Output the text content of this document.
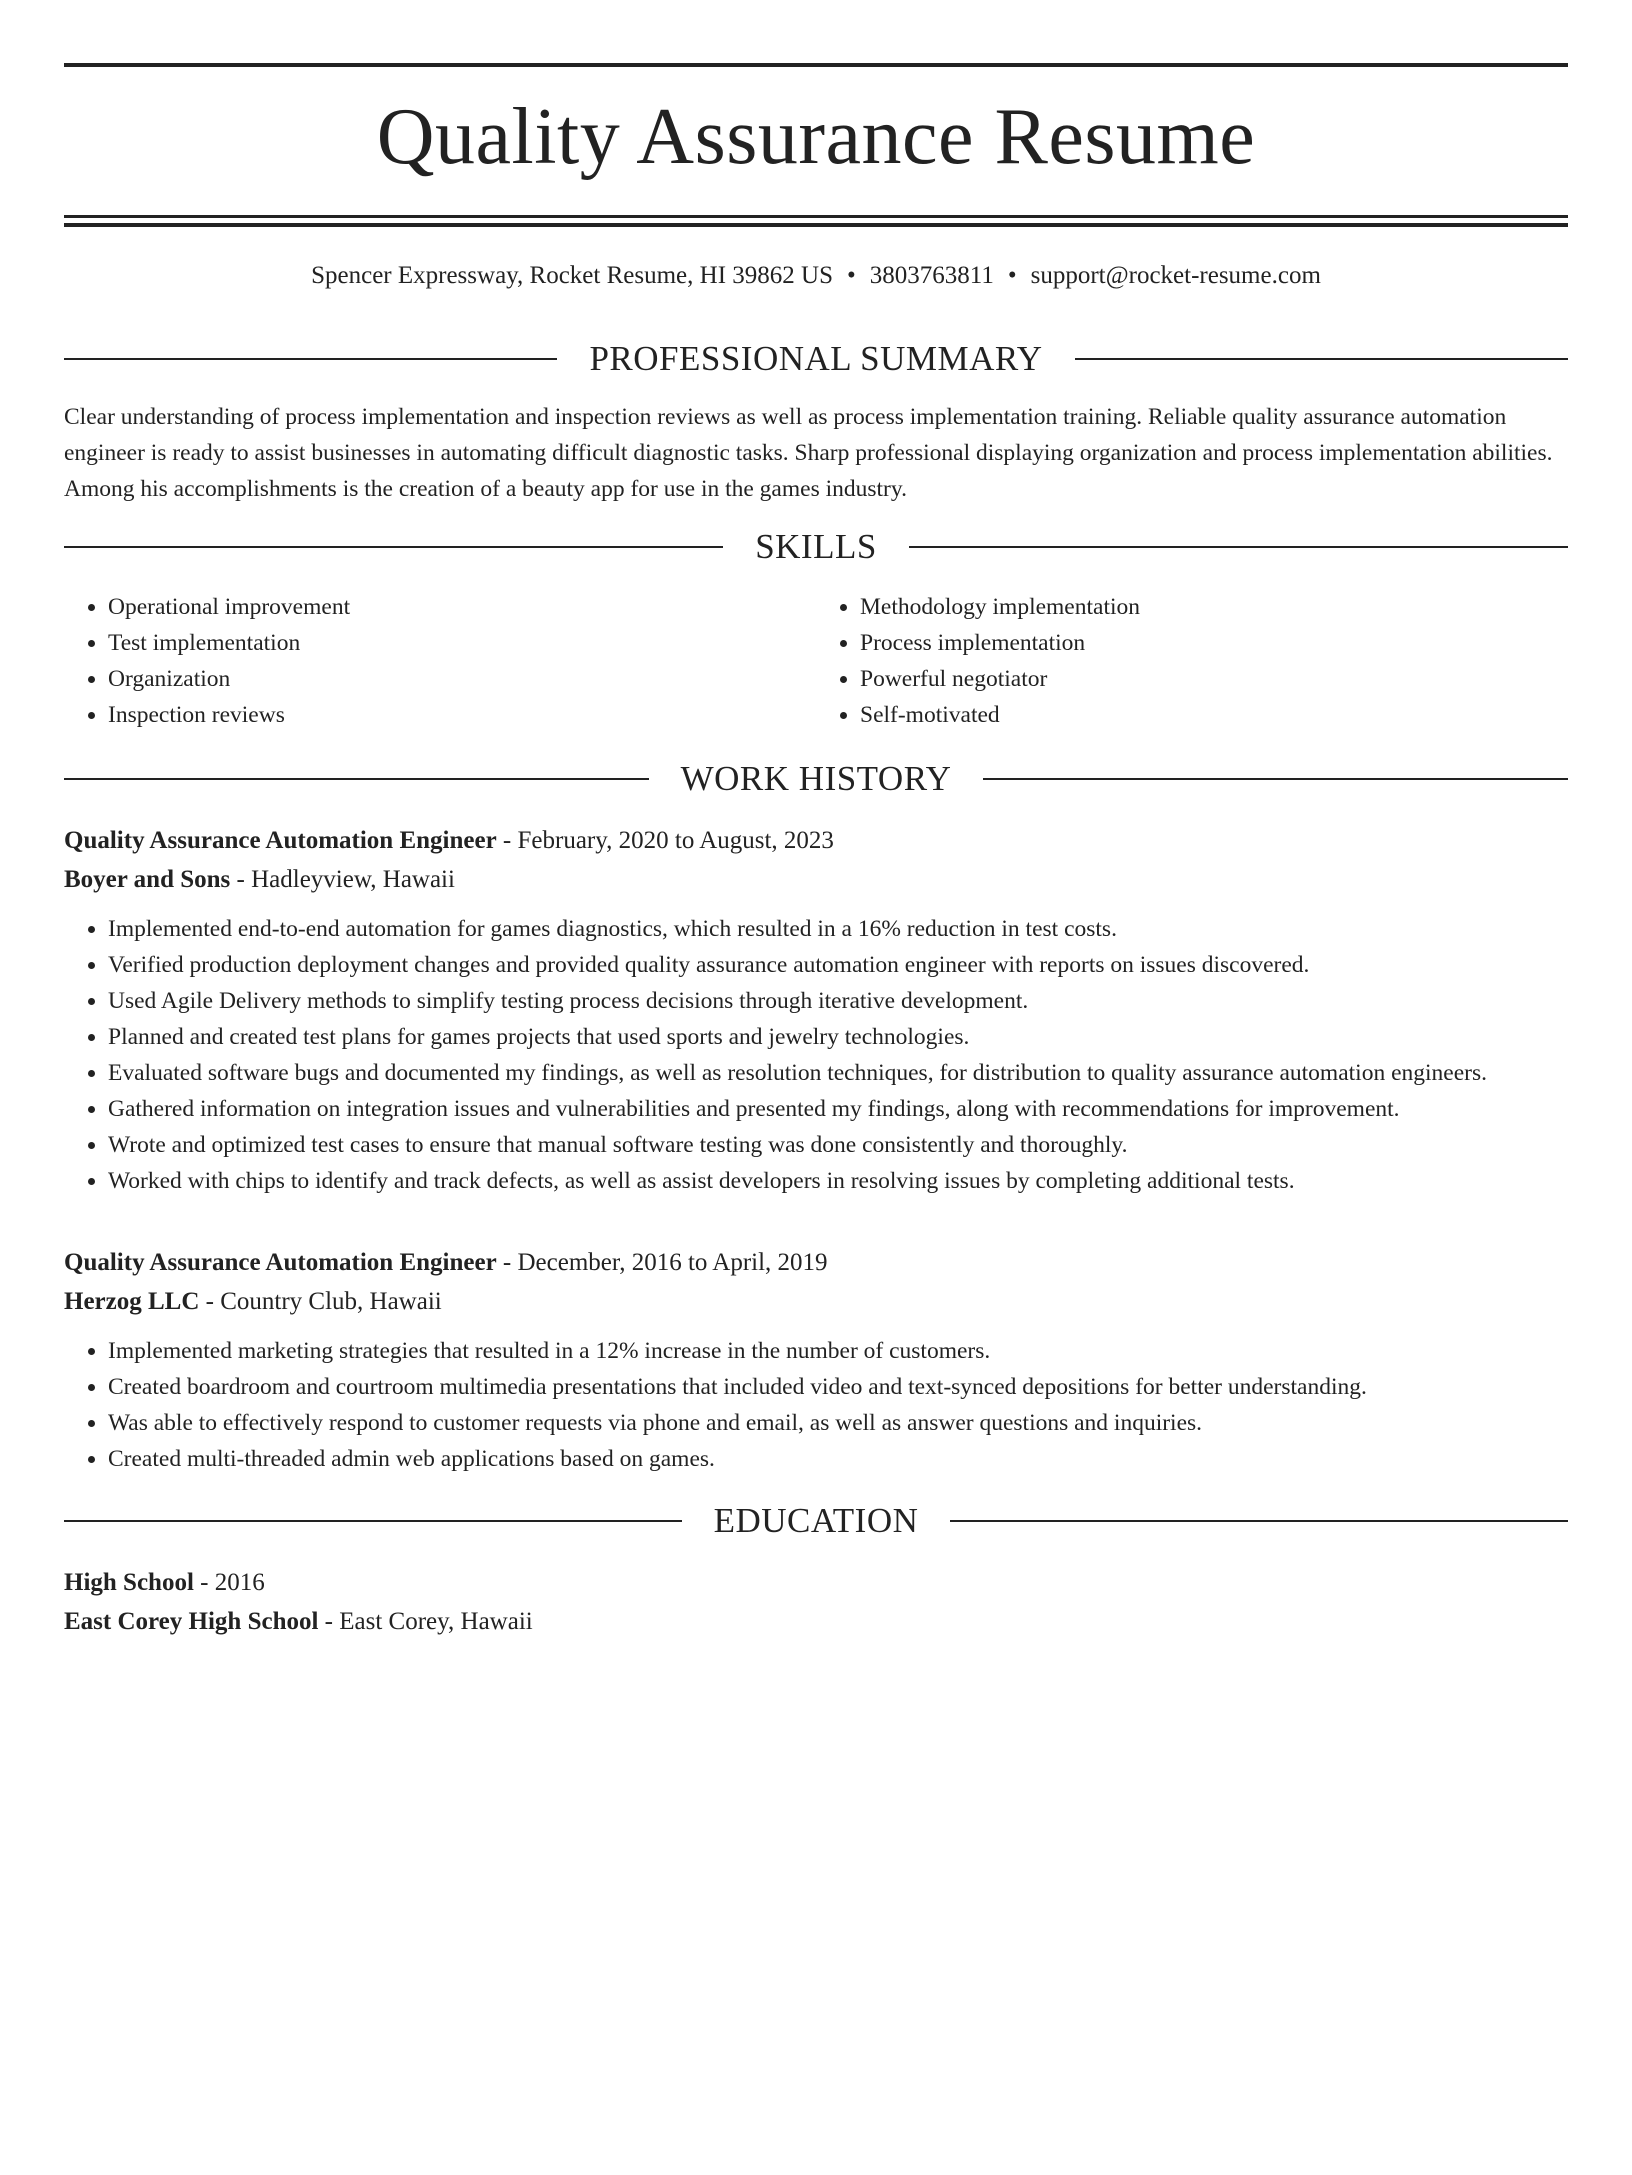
Quality Assurance Resume
Spencer Expressway, Rocket Resume, HI 39862 US • 3803763811 • support@rocket-resume.com
PROFESSIONAL SUMMARY

Clear understanding of process implementation and inspection reviews as well as process implementation training. Reliable quality assurance automation engineer is ready to assist businesses in automating difficult diagnostic tasks. Sharp professional displaying organization and process implementation abilities. Among his accomplishments is the creation of a beauty app for use in the games industry.

SKILLS
• Operational improvement
• Test implementation
• Organization
• Inspection reviews
• Methodology implementation
• Process implementation
• Powerful negotiator
• Self-motivated
WORK HISTORY
Quality Assurance Automation Engineer - February, 2020 to August, 2023
Boyer and Sons - Hadleyview, Hawaii
• Implemented end-to-end automation for games diagnostics, which resulted in a 16% reduction in test costs.
• Verified production deployment changes and provided quality assurance automation engineer with reports on issues discovered.
• Used Agile Delivery methods to simplify testing process decisions through iterative development.
• Planned and created test plans for games projects that used sports and jewelry technologies.
• Evaluated software bugs and documented my findings, as well as resolution techniques, for distribution to quality assurance automation engineers.
• Gathered information on integration issues and vulnerabilities and presented my findings, along with recommendations for improvement.
• Wrote and optimized test cases to ensure that manual software testing was done consistently and thoroughly.
• Worked with chips to identify and track defects, as well as assist developers in resolving issues by completing additional tests.
Quality Assurance Automation Engineer - December, 2016 to April, 2019
Herzog LLC - Country Club, Hawaii
• Implemented marketing strategies that resulted in a 12% increase in the number of customers.
• Created boardroom and courtroom multimedia presentations that included video and text-synced depositions for better understanding.
• Was able to effectively respond to customer requests via phone and email, as well as answer questions and inquiries.
• Created multi-threaded admin web applications based on games.
EDUCATION
High School - 2016
East Corey High School - East Corey, Hawaii
